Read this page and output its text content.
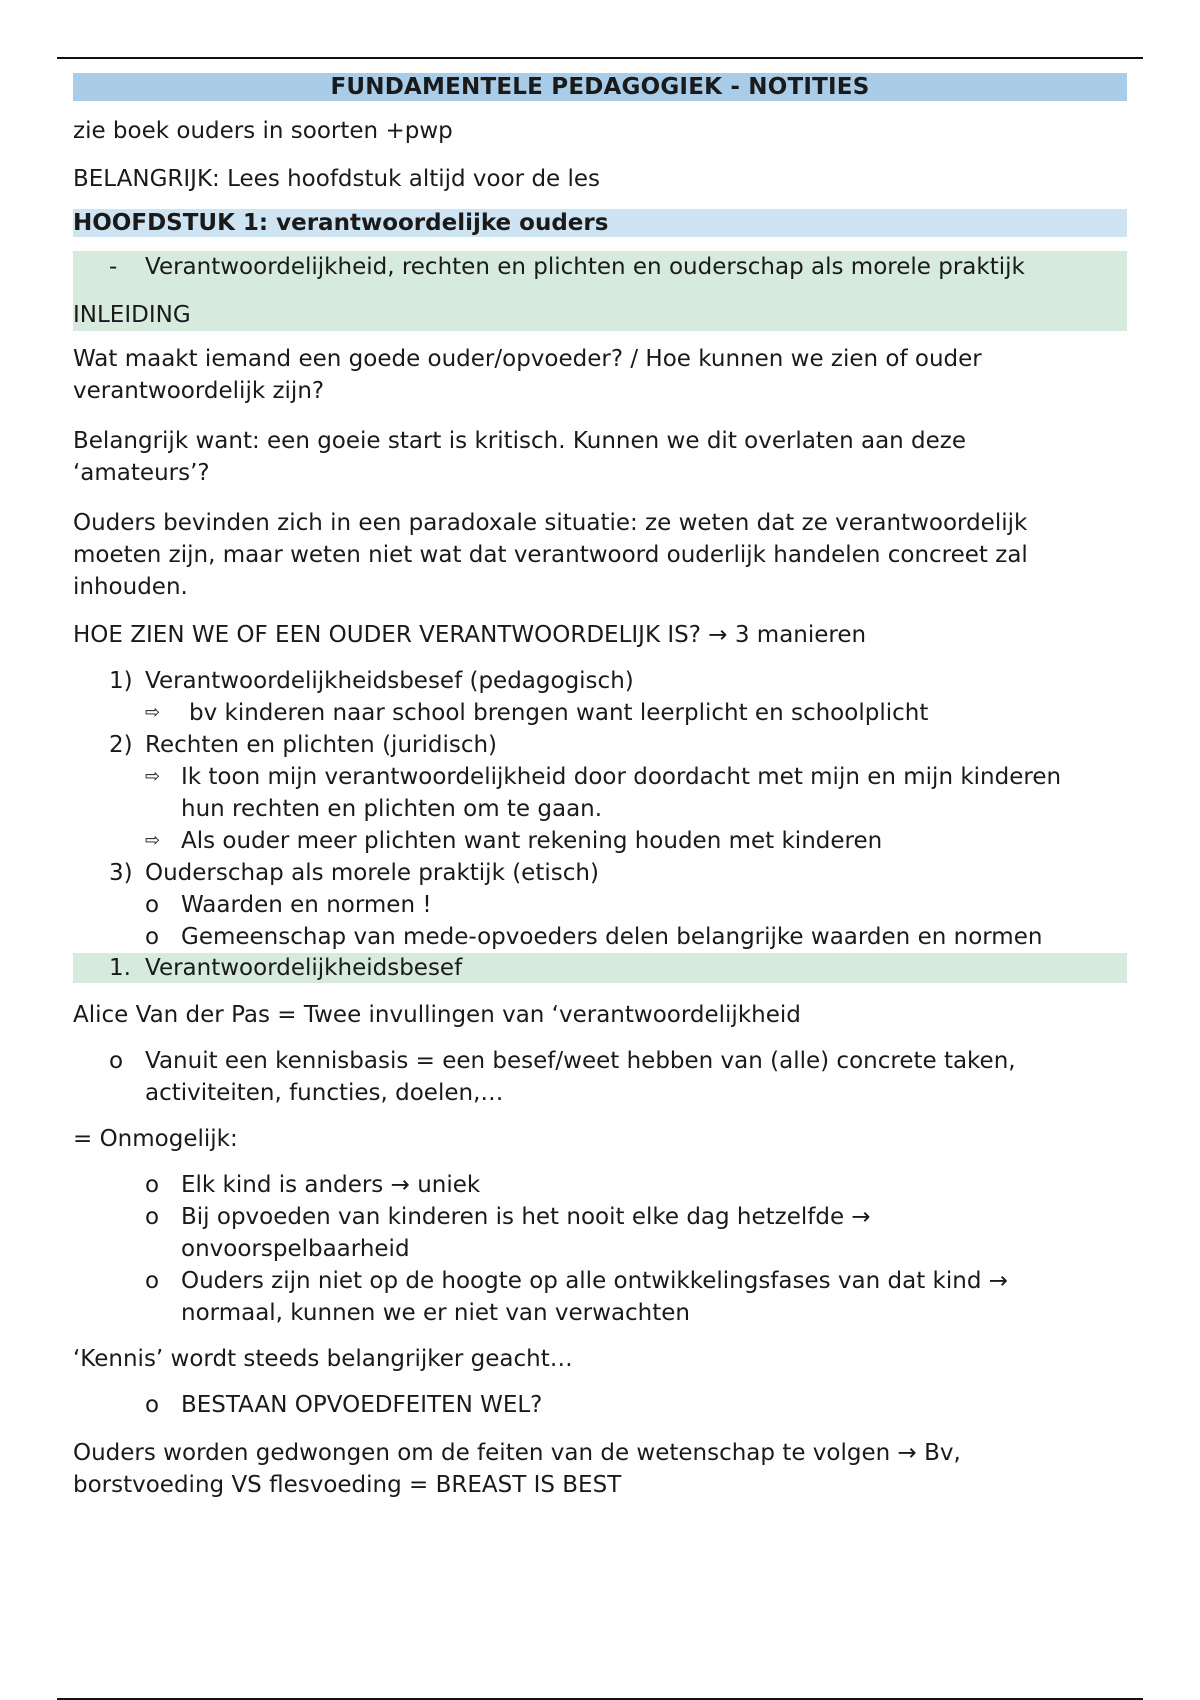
FUNDAMENTELE PEDAGOGIEK - NOTITIES
zie boek ouders in soorten +pwp
BELANGRIJK: Lees hoofdstuk altijd voor de les
HOOFDSTUK 1: verantwoordelijke ouders
- Verantwoordelijkheid, rechten en plichten en ouderschap als morele praktijk
INLEIDING
Wat maakt iemand een goede ouder/opvoeder? / Hoe kunnen we zien of ouder
verantwoordelijk zijn?
Belangrijk want: een goeie start is kritisch. Kunnen we dit overlaten aan deze
‘amateurs’?
Ouders bevinden zich in een paradoxale situatie: ze weten dat ze verantwoordelijk
moeten zijn, maar weten niet wat dat verantwoord ouderlijk handelen concreet zal
inhouden.
HOE ZIEN WE OF EEN OUDER VERANTWOORDELIJK IS? → 3 manieren
1) Verantwoordelijkheidsbesef (pedagogisch)
⇨ bv kinderen naar school brengen want leerplicht en schoolplicht
2) Rechten en plichten (juridisch)
⇨ Ik toon mijn verantwoordelijkheid door doordacht met mijn en mijn kinderen
hun rechten en plichten om te gaan.
⇨ Als ouder meer plichten want rekening houden met kinderen
3) Ouderschap als morele praktijk (etisch)
o Waarden en normen !
o Gemeenschap van mede-opvoeders delen belangrijke waarden en normen
1. Verantwoordelijkheidsbesef
Alice Van der Pas = Twee invullingen van ‘verantwoordelijkheid
o Vanuit een kennisbasis = een besef/weet hebben van (alle) concrete taken,
activiteiten, functies, doelen,…
= Onmogelijk:
o Elk kind is anders → uniek
o Bij opvoeden van kinderen is het nooit elke dag hetzelfde →
onvoorspelbaarheid
o Ouders zijn niet op de hoogte op alle ontwikkelingsfases van dat kind →
normaal, kunnen we er niet van verwachten
‘Kennis’ wordt steeds belangrijker geacht…
o BESTAAN OPVOEDFEITEN WEL?
Ouders worden gedwongen om de feiten van de wetenschap te volgen → Bv,
borstvoeding VS flesvoeding = BREAST IS BEST
